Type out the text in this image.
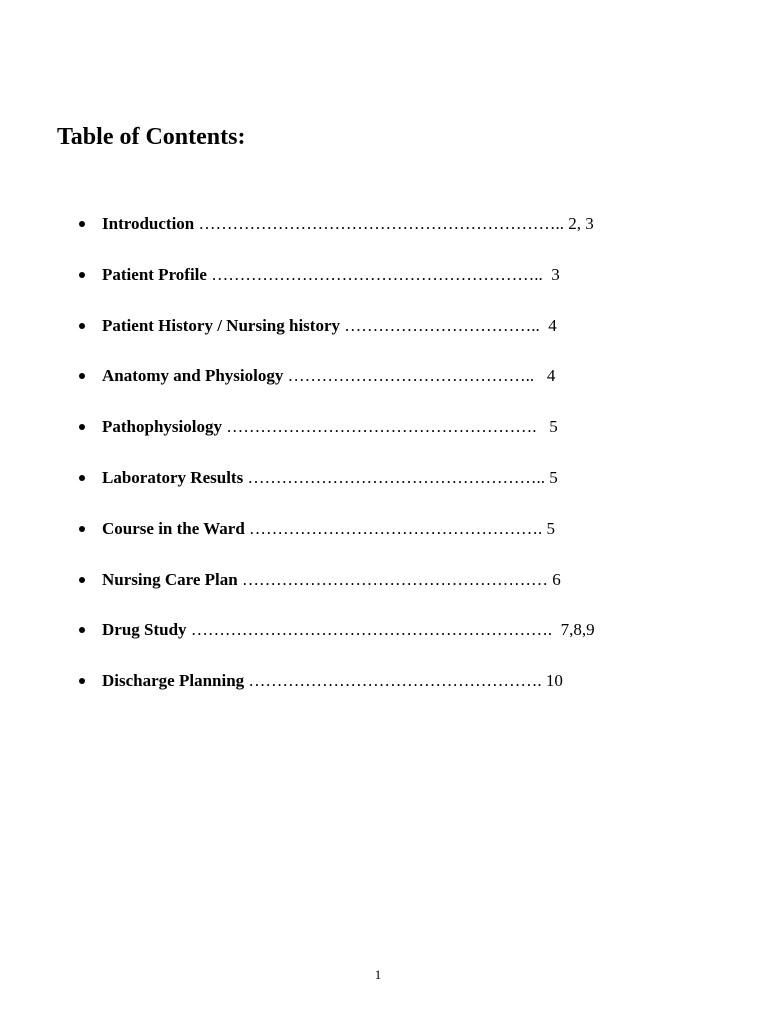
Table of Contents:
Introduction ……………………………………………………….. 2, 3
Patient Profile …………………………………………………..  3
Patient History / Nursing history ……………………………..  4
Anatomy and Physiology ……………………………………..   4
Pathophysiology ……………………………………………….   5
Laboratory Results …………………………………………….. 5
Course in the Ward ……………………………………………. 5
Nursing Care Plan ……………………………………………… 6
Drug Study ……………………………………………………….  7,8,9
Discharge Planning ……………………………………………. 10
1
